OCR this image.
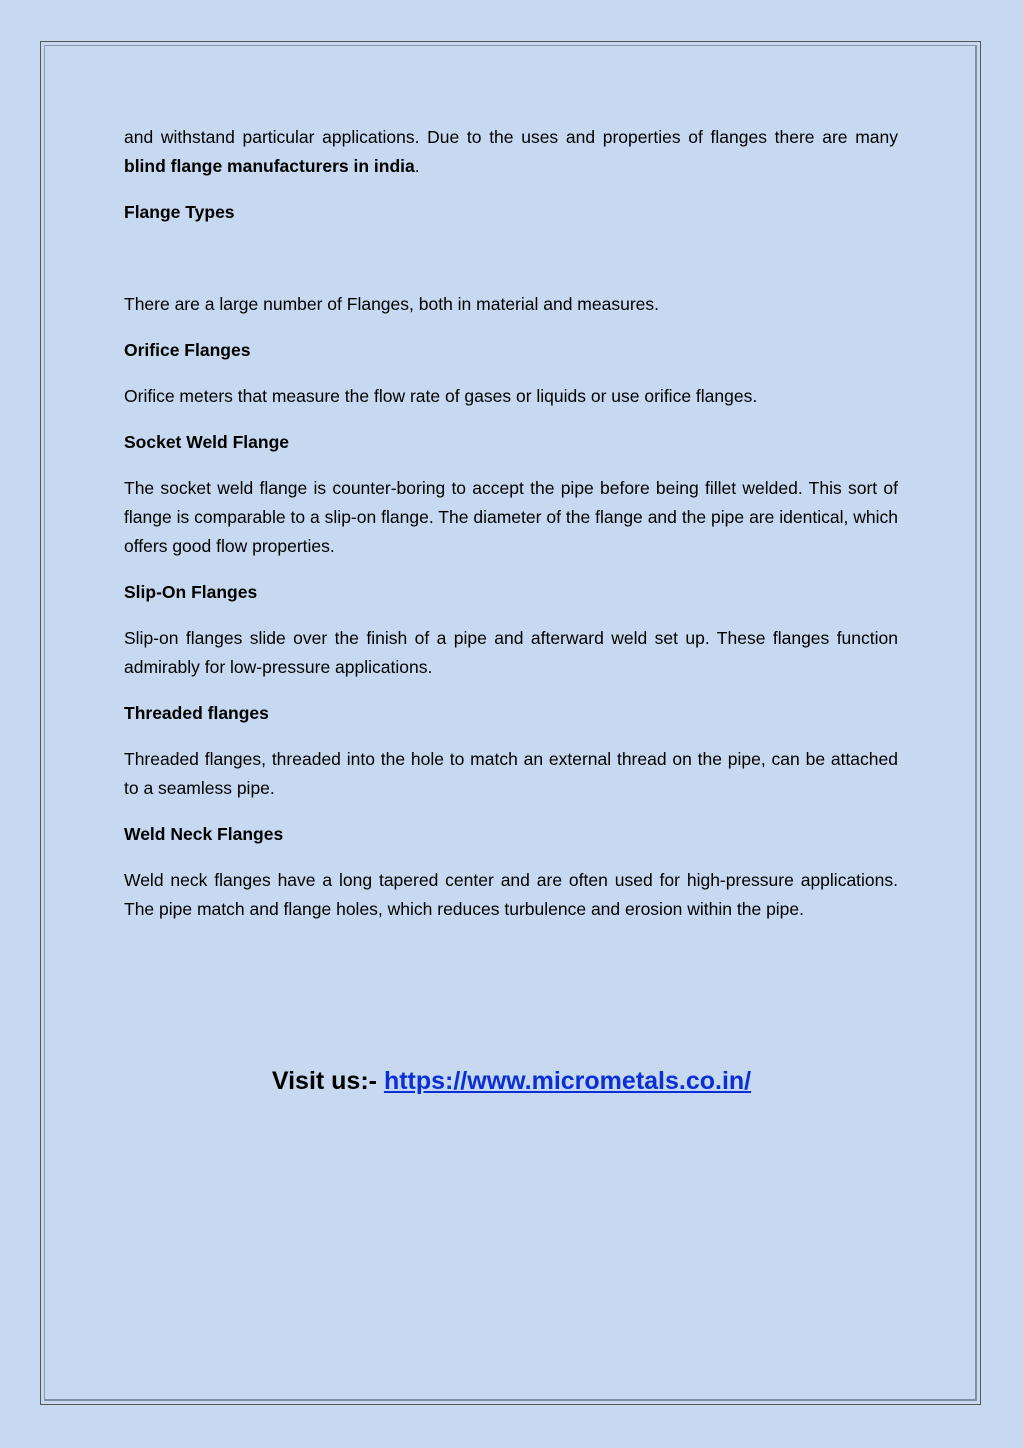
and withstand particular applications. Due to the uses and properties of flanges there are many blind flange manufacturers in india.

Flange Types

There are a large number of Flanges, both in material and measures.

Orifice Flanges

Orifice meters that measure the flow rate of gases or liquids or use orifice flanges.

Socket Weld Flange

The socket weld flange is counter-boring to accept the pipe before being fillet welded. This sort of flange is comparable to a slip-on flange. The diameter of the flange and the pipe are identical, which offers good flow properties.

Slip-On Flanges

Slip-on flanges slide over the finish of a pipe and afterward weld set up. These flanges function admirably for low-pressure applications.

Threaded flanges

Threaded flanges, threaded into the hole to match an external thread on the pipe, can be attached to a seamless pipe.

Weld Neck Flanges

Weld neck flanges have a long tapered center and are often used for high-pressure applications. The pipe match and flange holes, which reduces turbulence and erosion within the pipe.

Visit us:- https://www.micrometals.co.in/
